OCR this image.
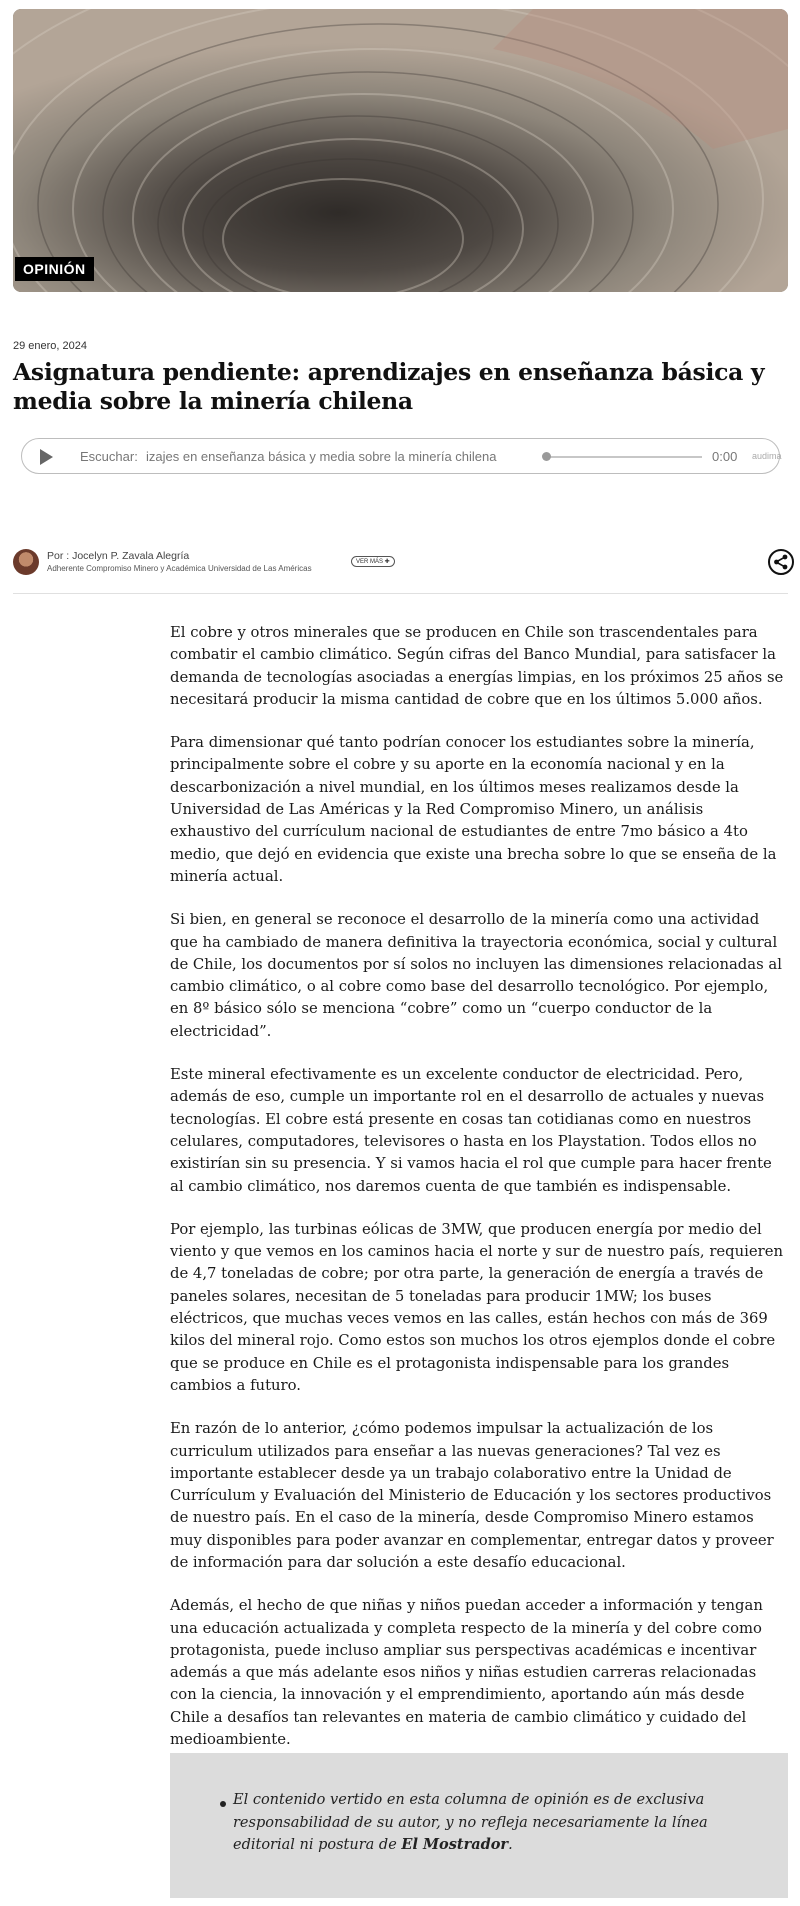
OPINIÓN
29 enero, 2024
Asignatura pendiente: aprendizajes en enseñanza básica y media sobre la minería chilena
Escuchar: izajes en enseñanza básica y media sobre la minería chilena	0:00 audima
Por : Jocelyn P. Zavala Alegría
Adherente Compromiso Minero y Académica Universidad de Las Américas
VER MÁS ✚

El cobre y otros minerales que se producen en Chile son trascendentales para combatir el cambio climático. Según cifras del Banco Mundial, para satisfacer la demanda de tecnologías asociadas a energías limpias, en los próximos 25 años se necesitará producir la misma cantidad de cobre que en los últimos 5.000 años.

Para dimensionar qué tanto podrían conocer los estudiantes sobre la minería, principalmente sobre el cobre y su aporte en la economía nacional y en la descarbonización a nivel mundial, en los últimos meses realizamos desde la Universidad de Las Américas y la Red Compromiso Minero, un análisis exhaustivo del currículum nacional de estudiantes de entre 7mo básico a 4to medio, que dejó en evidencia que existe una brecha sobre lo que se enseña de la minería actual.

Si bien, en general se reconoce el desarrollo de la minería como una actividad que ha cambiado de manera definitiva la trayectoria económica, social y cultural de Chile, los documentos por sí solos no incluyen las dimensiones relacionadas al cambio climático, o al cobre como base del desarrollo tecnológico. Por ejemplo, en 8º básico sólo se menciona “cobre” como un “cuerpo conductor de la electricidad”.

Este mineral efectivamente es un excelente conductor de electricidad. Pero, además de eso, cumple un importante rol en el desarrollo de actuales y nuevas tecnologías. El cobre está presente en cosas tan cotidianas como en nuestros celulares, computadores, televisores o hasta en los Playstation. Todos ellos no existirían sin su presencia. Y si vamos hacia el rol que cumple para hacer frente al cambio climático, nos daremos cuenta de que también es indispensable.

Por ejemplo, las turbinas eólicas de 3MW, que producen energía por medio del viento y que vemos en los caminos hacia el norte y sur de nuestro país, requieren de 4,7 toneladas de cobre; por otra parte, la generación de energía a través de paneles solares, necesitan de 5 toneladas para producir 1MW; los buses eléctricos, que muchas veces vemos en las calles, están hechos con más de 369 kilos del mineral rojo. Como estos son muchos los otros ejemplos donde el cobre que se produce en Chile es el protagonista indispensable para los grandes cambios a futuro.

En razón de lo anterior, ¿cómo podemos impulsar la actualización de los curriculum utilizados para enseñar a las nuevas generaciones? Tal vez es importante establecer desde ya un trabajo colaborativo entre la Unidad de Currículum y Evaluación del Ministerio de Educación y los sectores productivos de nuestro país. En el caso de la minería, desde Compromiso Minero estamos muy disponibles para poder avanzar en complementar, entregar datos y proveer de información para dar solución a este desafío educacional.

Además, el hecho de que niñas y niños puedan acceder a información y tengan una educación actualizada y completa respecto de la minería y del cobre como protagonista, puede incluso ampliar sus perspectivas académicas e incentivar además a que más adelante esos niños y niñas estudien carreras relacionadas con la ciencia, la innovación y el emprendimiento, aportando aún más desde Chile a desafíos tan relevantes en materia de cambio climático y cuidado del medioambiente.

El contenido vertido en esta columna de opinión es de exclusiva responsabilidad de su autor, y no refleja necesariamente la línea editorial ni postura de El Mostrador.
